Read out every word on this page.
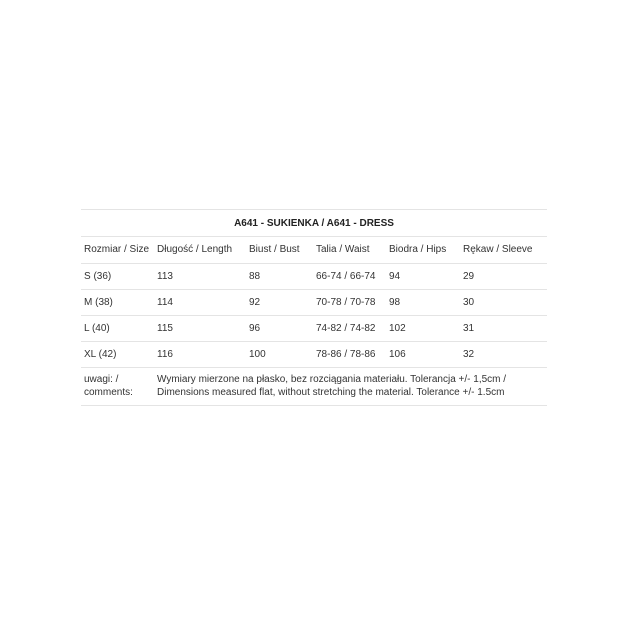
A641 - SUKIENKA / A641 - DRESS					
Rozmiar / Size	Długość / Length	Biust / Bust	Talia / Waist	Biodra / Hips	Rękaw / Sleeve
S (36)	113	88	66-74 / 66-74	94	29
M (38)	114	92	70-78 / 70-78	98	30
L (40)	115	96	74-82 / 74-82	102	31
XL (42)	116	100	78-86 / 78-86	106	32
uwagi: / comments:	Wymiary mierzone na płasko, bez rozciągania materiału. Tolerancja +/- 1,5cm / Dimensions measured flat, without stretching the material. Tolerance +/- 1.5cm				
